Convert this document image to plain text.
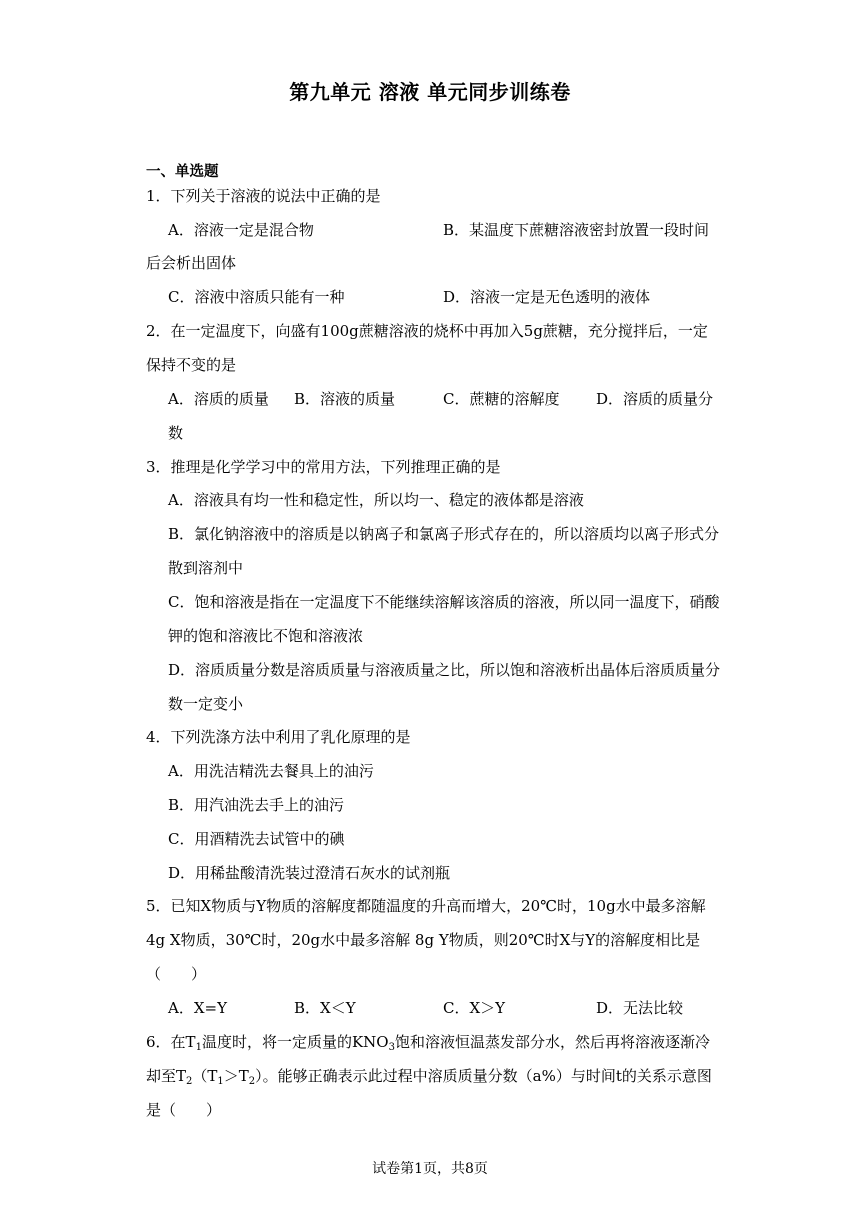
第九单元 溶液 单元同步训练卷
一、单选题
1．下列关于溶液的说法中正确的是
A．溶液一定是混合物	B．某温度下蔗糖溶液密封放置一段时间
后会析出固体
C．溶液中溶质只能有一种	D．溶液一定是无色透明的液体
2．在一定温度下，向盛有100g蔗糖溶液的烧杯中再加入5g蔗糖，充分搅拌后，一定
保持不变的是
A．溶质的质量 B．溶液的质量	C．蔗糖的溶解度 D．溶质的质量分
数
3．推理是化学学习中的常用方法，下列推理正确的是
A．溶液具有均一性和稳定性，所以均一、稳定的液体都是溶液
B．氯化钠溶液中的溶质是以钠离子和氯离子形式存在的，所以溶质均以离子形式分
散到溶剂中
C．饱和溶液是指在一定温度下不能继续溶解该溶质的溶液，所以同一温度下，硝酸
钾的饱和溶液比不饱和溶液浓
D．溶质质量分数是溶质质量与溶液质量之比，所以饱和溶液析出晶体后溶质质量分
数一定变小
4．下列洗涤方法中利用了乳化原理的是
A．用洗洁精洗去餐具上的油污
B．用汽油洗去手上的油污
C．用酒精洗去试管中的碘
D．用稀盐酸清洗装过澄清石灰水的试剂瓶
5．已知X物质与Y物质的溶解度都随温度的升高而增大，20℃时，10g水中最多溶解
4g X物质，30℃时，20g水中最多溶解 8g Y物质，则20℃时X与Y的溶解度相比是
（　　）
A．X=Y	B．X＜Y	C．X＞Y	D．无法比较
6．在$T_1$温度时，将一定质量的$KNO_3$饱和溶液恒温蒸发部分水，然后再将溶液逐渐冷
却至$T_2(T_1>T_2)$。能够正确表示此过程中溶质质量分数（a%）与时间t的关系示意图
是（　　）
试卷第1页，共8页
